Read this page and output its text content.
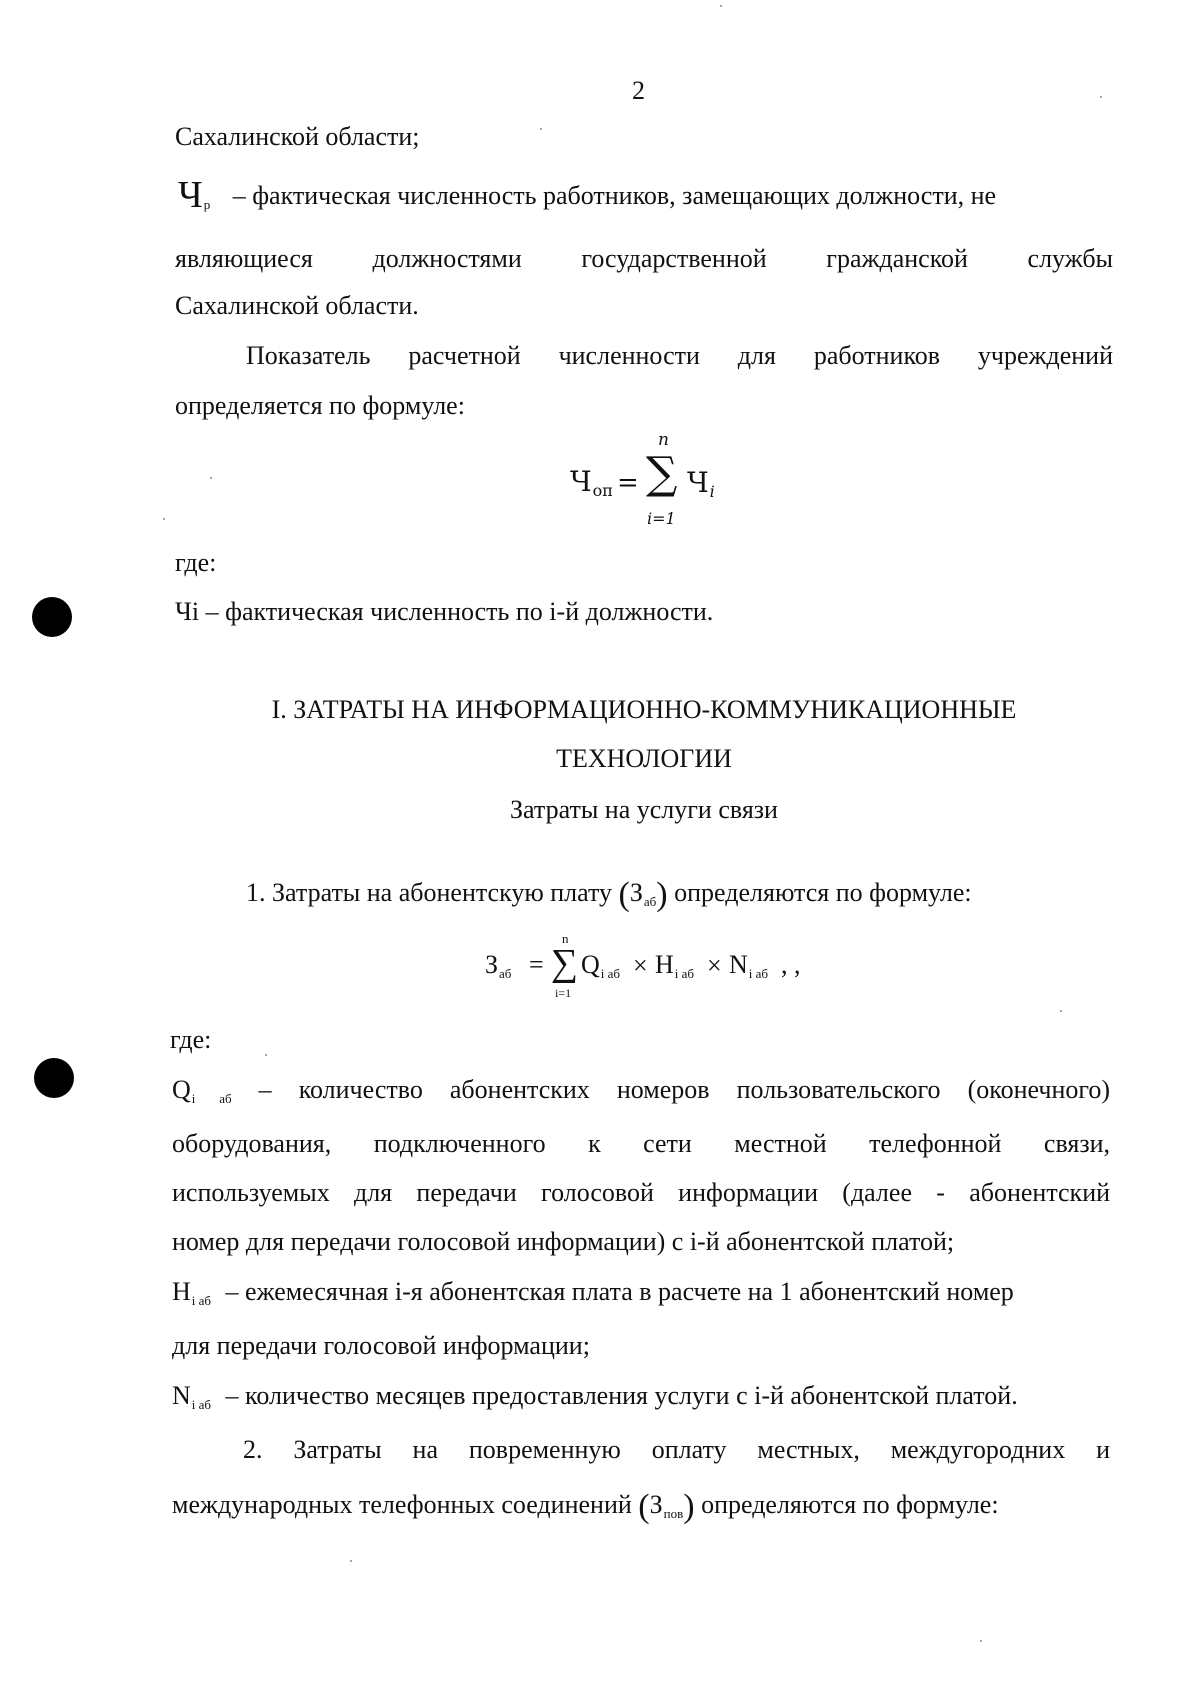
2
Сахалинской области;
$Ч_р$ – фактическая численность работников, замещающих должности, не
являющиеся должностями государственной гражданской службы
Сахалинской области.
Показатель расчетной численности для работников учреждений
определяется по формуле:
$Ч_{оп}$ =
n
∑
i=1
$Ч_i$
где:
Чi – фактическая численность по i-й должности.
I. ЗАТРАТЫ НА ИНФОРМАЦИОННО-КОММУНИКАЦИОННЫЕ
ТЕХНОЛОГИИ
Затраты на услуги связи
1. Затраты на абонентскую плату $(З_{аб})$ определяются по формуле:
$З_{аб}$ =
n
∑
i=1
$Q_{i аб} \times H_{i аб} \times N_{i аб}$ , ,
где:
$Q_{i аб}$ – количество абонентских номеров пользовательского (оконечного)
оборудования, подключенного к сети местной телефонной связи,
используемых для передачи голосовой информации (далее - абонентский
номер для передачи голосовой информации) с i-й абонентской платой;
$H_{i аб}$ – ежемесячная i-я абонентская плата в расчете на 1 абонентский номер
для передачи голосовой информации;
$N_{i аб}$ – количество месяцев предоставления услуги с i-й абонентской платой.
2. Затраты на повременную оплату местных, междугородних и
международных телефонных соединений $(З_{пов})$ определяются по формуле:
